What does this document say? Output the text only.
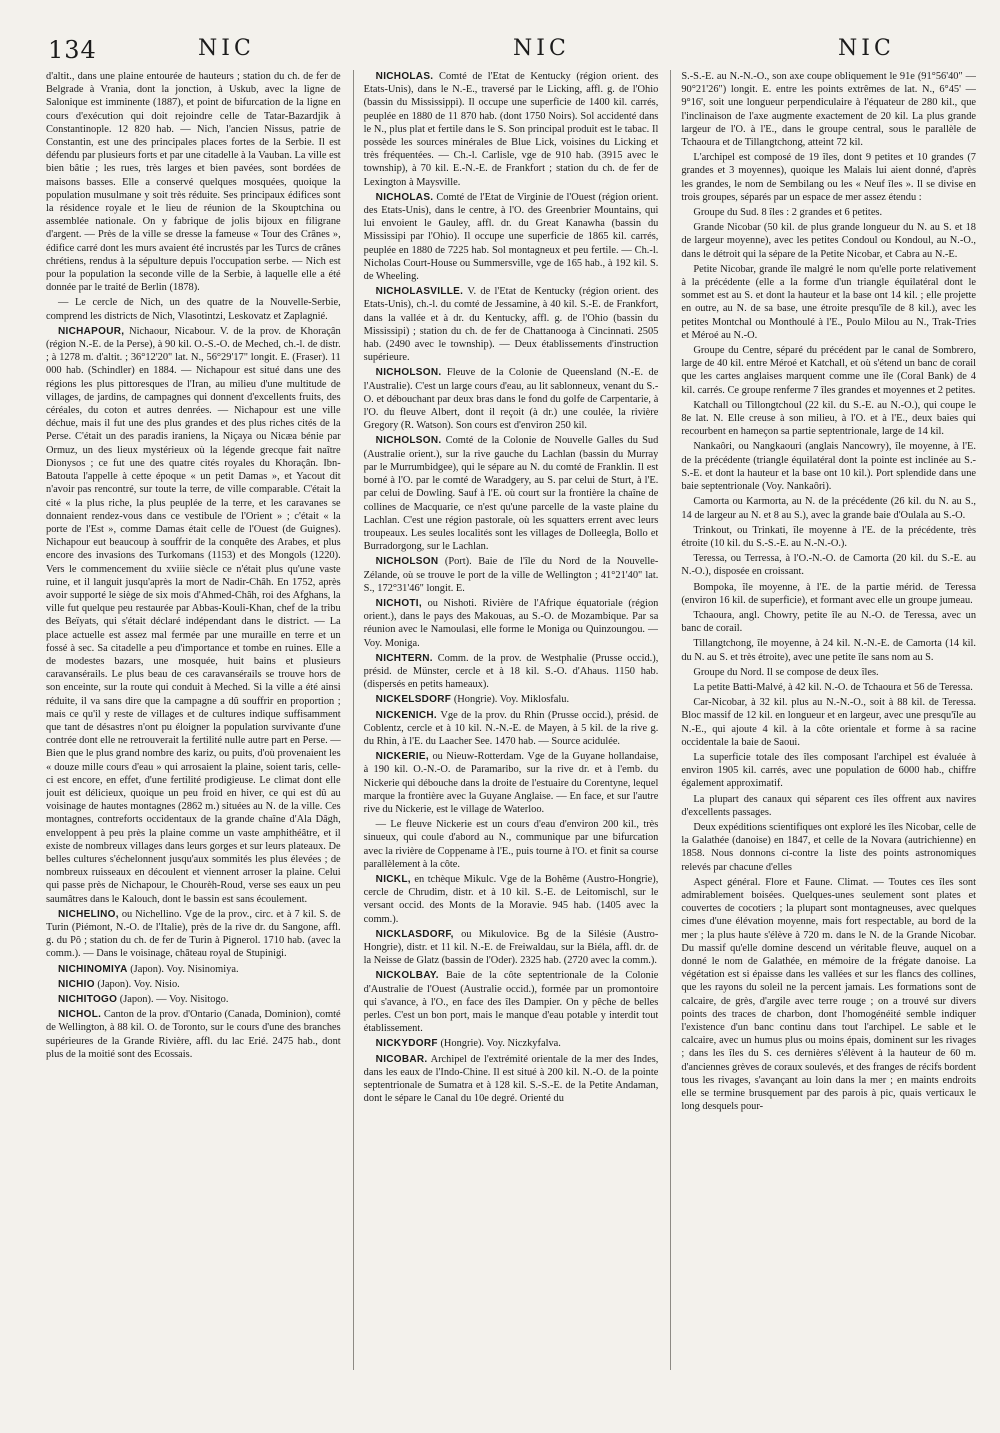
134	NIC	NIC	NIC

d'altit., dans une plaine entourée de hauteurs ; station du ch. de fer de Belgrade à Vrania, dont la jonction, à Uskub, avec la ligne de Salonique est imminente (1887), et point de bifurcation de la ligne en cours d'exécution qui doit rejoindre celle de Tatar-Bazardjik à Constantinople. 12 820 hab. — Nich, l'ancien Nissus, patrie de Constantin, est une des principales places fortes de la Serbie. Il est défendu par plusieurs forts et par une citadelle à la Vauban. La ville est bien bâtie ; les rues, très larges et bien pavées, sont bordées de maisons basses. Elle a conservé quelques mosquées, quoique la population musulmane y soit très réduite. Ses principaux édifices sont la résidence royale et le lieu de réunion de la Skouptchina ou assemblée nationale. On y fabrique de jolis bijoux en filigrane d'argent. — Près de la ville se dresse la fameuse « Tour des Crânes », édifice carré dont les murs avaient été incrustés par les Turcs de crânes chrétiens, rendus à la sépulture depuis l'occupation serbe. — Nich est pour la population la seconde ville de la Serbie, à laquelle elle a été donnée par le traité de Berlin (1878).

— Le cercle de Nich, un des quatre de la Nouvelle-Serbie, comprend les districts de Nich, Vlasotintzi, Leskovatz et Zaplagnié.

NICHAPOUR, Nichaour, Nicabour. V. de la prov. de Khoraçân (région N.-E. de la Perse), à 90 kil. O.-S.-O. de Meched, ch.-l. de distr. ; à 1278 m. d'altit. ; 36°12'20" lat. N., 56°29'17" longit. E. (Fraser). 11 000 hab. (Schindler) en 1884. — Nichapour est situé dans une des régions les plus pittoresques de l'Iran, au milieu d'une multitude de villages, de jardins, de campagnes qui donnent d'excellents fruits, des céréales, du coton et autres denrées. — Nichapour est une ville déchue, mais il fut une des plus grandes et des plus riches cités de la Perse. C'était un des paradis iraniens, la Niçaya ou Nicæa bénie par Ormuz, un des lieux mystérieux où la légende grecque fait naître Dionysos ; ce fut une des quatre cités royales du Khoraçân. Ibn-Batouta l'appelle à cette époque « un petit Damas », et Yacout dit n'avoir pas rencontré, sur toute la terre, de ville comparable. C'était la cité « la plus riche, la plus peuplée de la terre, et les caravanes se donnaient rendez-vous dans ce vestibule de l'Orient » ; c'était « la porte de l'Est », comme Damas était celle de l'Ouest (de Guignes). Nichapour eut beaucoup à souffrir de la conquête des Arabes, et plus encore des invasions des Turkomans (1153) et des Mongols (1220). Vers le commencement du xviiie siècle ce n'était plus qu'une vaste ruine, et il languit jusqu'après la mort de Nadir-Châh. En 1752, après avoir supporté le siège de six mois d'Ahmed-Châh, roi des Afghans, la ville fut quelque peu restaurée par Abbas-Kouli-Khan, chef de la tribu des Beïyats, qui s'était déclaré indépendant dans le district. — La place actuelle est assez mal fermée par une muraille en terre et un fossé à sec. Sa citadelle a peu d'importance et tombe en ruines. Elle a de modestes bazars, une mosquée, huit bains et plusieurs caravansérails. Le plus beau de ces caravansérails se trouve hors de son enceinte, sur la route qui conduit à Meched. Si la ville a été ainsi réduite, il va sans dire que la campagne a dû souffrir en proportion ; mais ce qu'il y reste de villages et de cultures indique suffisamment que tant de désastres n'ont pu éloigner la population survivante d'une contrée dont elle ne retrouverait la fertilité nulle autre part en Perse. — Bien que le plus grand nombre des kariz, ou puits, d'où provenaient les « douze mille cours d'eau » qui arrosaient la plaine, soient taris, celle-ci est encore, en effet, d'une fertilité prodigieuse. Le climat dont elle jouit est délicieux, quoique un peu froid en hiver, ce qui est dû au voisinage de hautes montagnes (2862 m.) situées au N. de la ville. Ces montagnes, contreforts occidentaux de la grande chaîne d'Ala Dâgh, enveloppent à peu près la plaine comme un vaste amphithéâtre, et il existe de nombreux villages dans leurs gorges et sur leurs plateaux. De belles cultures s'échelonnent jusqu'aux sommités les plus élevées ; de nombreux ruisseaux en découlent et viennent arroser la plaine. Celui qui passe près de Nichapour, le Chourèh-Roud, verse ses eaux un peu saumâtres dans le Kalouch, dont le bassin est sans écoulement.

NICHELINO, ou Nichellino. Vge de la prov., circ. et à 7 kil. S. de Turin (Piémont, N.-O. de l'Italie), près de la rive dr. du Sangone, affl. g. du Pô ; station du ch. de fer de Turin à Pignerol. 1710 hab. (avec la comm.). — Dans le voisinage, château royal de Stupinigi.

NICHINOMIYA (Japon). Voy. Nisinomiya.

NICHIO (Japon). Voy. Nisio.

NICHITOGO (Japon). — Voy. Nisitogo.

NICHOL. Canton de la prov. d'Ontario (Canada, Dominion), comté de Wellington, à 88 kil. O. de Toronto, sur le cours d'une des branches supérieures de la Grande Rivière, affl. du lac Erié. 2475 hab., dont plus de la moitié sont des Ecossais.

NICHOLAS. Comté de l'Etat de Kentucky (région orient. des Etats-Unis), dans le N.-E., traversé par le Licking, affl. g. de l'Ohio (bassin du Mississippi). Il occupe une superficie de 1400 kil. carrés, peuplée en 1880 de 11 870 hab. (dont 1750 Noirs). Sol accidenté dans le N., plus plat et fertile dans le S. Son principal produit est le tabac. Il possède les sources minérales de Blue Lick, voisines du Licking et très fréquentées. — Ch.-l. Carlisle, vge de 910 hab. (3915 avec le township), à 70 kil. E.-N.-E. de Frankfort ; station du ch. de fer de Lexington à Maysville.

NICHOLAS. Comté de l'Etat de Virginie de l'Ouest (région orient. des Etats-Unis), dans le centre, à l'O. des Greenbrier Mountains, qui lui envoient le Gauley, affl. dr. du Great Kanawha (bassin du Mississipi par l'Ohio). Il occupe une superficie de 1865 kil. carrés, peuplée en 1880 de 7225 hab. Sol montagneux et peu fertile. — Ch.-l. Nicholas Court-House ou Summersville, vge de 165 hab., à 192 kil. S. de Wheeling.

NICHOLASVILLE. V. de l'Etat de Kentucky (région orient. des Etats-Unis), ch.-l. du comté de Jessamine, à 40 kil. S.-E. de Frankfort, dans la vallée et à dr. du Kentucky, affl. g. de l'Ohio (bassin du Mississipi) ; station du ch. de fer de Chattanooga à Cincinnati. 2505 hab. (2490 avec le township). — Deux établissements d'instruction supérieure.

NICHOLSON. Fleuve de la Colonie de Queensland (N.-E. de l'Australie). C'est un large cours d'eau, au lit sablonneux, venant du S.-O. et débouchant par deux bras dans le fond du golfe de Carpentarie, à l'O. du fleuve Albert, dont il reçoit (à dr.) une coulée, la rivière Gregory (R. Watson). Son cours est d'environ 250 kil.

NICHOLSON. Comté de la Colonie de Nouvelle Galles du Sud (Australie orient.), sur la rive gauche du Lachlan (bassin du Murray par le Murrumbidgee), qui le sépare au N. du comté de Franklin. Il est borné à l'O. par le comté de Waradgery, au S. par celui de Sturt, à l'E. par celui de Dowling. Sauf à l'E. où court sur la frontière la chaîne de collines de Macquarie, ce n'est qu'une parcelle de la vaste plaine du Lachlan. C'est une région pastorale, où les squatters errent avec leurs troupeaux. Les seules localités sont les villages de Dolleegla, Bollo et Burradorgong, sur le Lachlan.

NICHOLSON (Port). Baie de l'île du Nord de la Nouvelle-Zélande, où se trouve le port de la ville de Wellington ; 41°21'40" lat. S., 172°31'46" longit. E.

NICHOTI, ou Nishoti. Rivière de l'Afrique équatoriale (région orient.), dans le pays des Makouas, au S.-O. de Mozambique. Par sa réunion avec le Namoulasi, elle forme le Moniga ou Quinzoungou. — Voy. Moniga.

NICHTERN. Comm. de la prov. de Westphalie (Prusse occid.), présid. de Münster, cercle et à 18 kil. S.-O. d'Ahaus. 1150 hab. (dispersés en petits hameaux).

NICKELSDORF (Hongrie). Voy. Miklosfalu.

NICKENICH. Vge de la prov. du Rhin (Prusse occid.), présid. de Coblentz, cercle et à 10 kil. N.-N.-E. de Mayen, à 5 kil. de la rive g. du Rhin, à l'E. du Laacher See. 1470 hab. — Source acidulée.

NICKERIE, ou Nieuw-Rotterdam. Vge de la Guyane hollandaise, à 190 kil. O.-N.-O. de Paramaribo, sur la rive dr. et à l'emb. du Nickerie qui débouche dans la droite de l'estuaire du Corentyne, lequel marque la frontière avec la Guyane Anglaise. — En face, et sur l'autre rive du Nickerie, est le village de Waterloo.

— Le fleuve Nickerie est un cours d'eau d'environ 200 kil., très sinueux, qui coule d'abord au N., communique par une bifurcation avec la rivière de Coppename à l'E., puis tourne à l'O. et finit sa course parallèlement à la côte.

NICKL, en tchèque Mikulc. Vge de la Bohême (Austro-Hongrie), cercle de Chrudim, distr. et à 10 kil. S.-E. de Leitomischl, sur le versant occid. des Monts de la Moravie. 945 hab. (1405 avec la comm.).

NICKLASDORF, ou Mikulovice. Bg de la Silésie (Austro-Hongrie), distr. et 11 kil. N.-E. de Freiwaldau, sur la Biéla, affl. dr. de la Neisse de Glatz (bassin de l'Oder). 2325 hab. (2720 avec la comm.).

NICKOLBAY. Baie de la côte septentrionale de la Colonie d'Australie de l'Ouest (Australie occid.), formée par un promontoire qui s'avance, à l'O., en face des îles Dampier. On y pêche de belles perles. C'est un bon port, mais le manque d'eau potable y interdit tout établissement.

NICKYDORF (Hongrie). Voy. Niczkyfalva.

NICOBAR. Archipel de l'extrémité orientale de la mer des Indes, dans les eaux de l'Indo-Chine. Il est situé à 200 kil. N.-O. de la pointe septentrionale de Sumatra et à 128 kil. S.-S.-E. de la Petite Andaman, dont le sépare le Canal du 10e degré. Orienté du

S.-S.-E. au N.-N.-O., son axe coupe obliquement le 91e (91°56'40" — 90°21'26") longit. E. entre les points extrêmes de lat. N., 6°45' — 9°16', soit une longueur perpendiculaire à l'équateur de 280 kil., que l'inclinaison de l'axe augmente exactement de 20 kil. La plus grande largeur de l'O. à l'E., dans le groupe central, sous le parallèle de Tchaoura et de Tillangtchong, atteint 72 kil.

L'archipel est composé de 19 îles, dont 9 petites et 10 grandes (7 grandes et 3 moyennes), quoique les Malais lui aient donné, d'après les grandes, le nom de Sembilang ou les « Neuf îles ». Il se divise en trois groupes, séparés par un espace de mer assez étendu :

Groupe du Sud. 8 îles : 2 grandes et 6 petites.

Grande Nicobar (50 kil. de plus grande longueur du N. au S. et 18 de largeur moyenne), avec les petites Condoul ou Kondoul, au N.-O., dans le détroit qui la sépare de la Petite Nicobar, et Cabra au N.-E.

Petite Nicobar, grande île malgré le nom qu'elle porte relativement à la précédente (elle a la forme d'un triangle équilatéral dont le sommet est au S. et dont la hauteur et la base ont 14 kil. ; elle projette en outre, au N. de sa base, une étroite presqu'île de 8 kil.), avec les petites Montchal ou Monthoulé à l'E., Poulo Milou au N., Trak-Tries et Méroé au N.-O.

Groupe du Centre, séparé du précédent par le canal de Sombrero, large de 40 kil. entre Méroé et Katchall, et où s'étend un banc de corail que les cartes anglaises marquent comme une île (Coral Bank) de 4 kil. carrés. Ce groupe renferme 7 îles grandes et moyennes et 2 petites.

Katchall ou Tillongtchoul (22 kil. du S.-E. au N.-O.), qui coupe le 8e lat. N. Elle creuse à son milieu, à l'O. et à l'E., deux baies qui recourbent en hameçon sa partie septentrionale, large de 14 kil.

Nankaôri, ou Nangkaouri (anglais Nancowry), île moyenne, à l'E. de la précédente (triangle équilatéral dont la pointe est inclinée au S.-S.-E. et dont la hauteur et la base ont 10 kil.). Port splendide dans une baie septentrionale (Voy. Nankaôri).

Camorta ou Karmorta, au N. de la précédente (26 kil. du N. au S., 14 de largeur au N. et 8 au S.), avec la grande baie d'Oulala au S.-O.

Trinkout, ou Trinkati, île moyenne à l'E. de la précédente, très étroite (10 kil. du S.-S.-E. au N.-N.-O.).

Teressa, ou Terressa, à l'O.-N.-O. de Camorta (20 kil. du S.-E. au N.-O.), disposée en croissant.

Bompoka, île moyenne, à l'E. de la partie mérid. de Teressa (environ 16 kil. de superficie), et formant avec elle un groupe jumeau.

Tchaoura, angl. Chowry, petite île au N.-O. de Teressa, avec un banc de corail.

Tillangtchong, île moyenne, à 24 kil. N.-N.-E. de Camorta (14 kil. du N. au S. et très étroite), avec une petite île sans nom au S.

Groupe du Nord. Il se compose de deux îles.

La petite Batti-Malvé, à 42 kil. N.-O. de Tchaoura et 56 de Teressa.

Car-Nicobar, à 32 kil. plus au N.-N.-O., soit à 88 kil. de Teressa. Bloc massif de 12 kil. en longueur et en largeur, avec une presqu'île au N.-E., qui ajoute 4 kil. à la côte orientale et forme à sa racine occidentale la baie de Saoui.

La superficie totale des îles composant l'archipel est évaluée à environ 1905 kil. carrés, avec une population de 6000 hab., chiffre également approximatif.

La plupart des canaux qui séparent ces îles offrent aux navires d'excellents passages.

Deux expéditions scientifiques ont exploré les îles Nicobar, celle de la Galathée (danoise) en 1847, et celle de la Novara (autrichienne) en 1858. Nous donnons ci-contre la liste des points astronomiques relevés par chacune d'elles

Aspect général. Flore et Faune. Climat. — Toutes ces îles sont admirablement boisées. Quelques-unes seulement sont plates et couvertes de cocotiers ; la plupart sont montagneuses, avec quelques cimes d'une élévation moyenne, mais fort respectable, au bord de la mer ; la plus haute s'élève à 720 m. dans le N. de la Grande Nicobar. Du massif qu'elle domine descend un véritable fleuve, auquel on a donné le nom de Galathée, en mémoire de la frégate danoise. La végétation est si épaisse dans les vallées et sur les flancs des collines, que les rayons du soleil ne la percent jamais. Les formations sont de calcaire, de grès, d'argile avec terre rouge ; on a trouvé sur divers points des traces de charbon, dont l'homogénéité semble indiquer l'existence d'un banc continu dans tout l'archipel. Le sable et le calcaire, avec un humus plus ou moins épais, dominent sur les rivages ; dans les îles du S. ces dernières s'élèvent à la hauteur de 60 m. d'anciennes grèves de coraux soulevés, et des franges de récifs bordent tous les rivages, s'avançant au loin dans la mer ; en maints endroits elle se termine brusquement par des parois à pic, quais verticaux le long desquels pour-
